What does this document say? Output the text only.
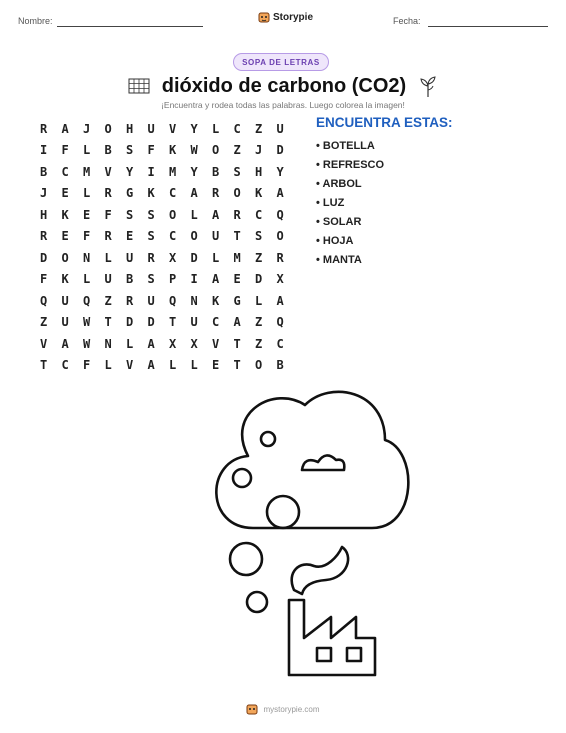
Nombre:	Storypie	Fecha:
SOPA DE LETRAS
dióxido de carbono (CO2)
¡Encuentra y rodea todas las palabras. Luego colorea la imagen!
R	A	J	O	H	U	V	Y	L	C	Z	U
I	F	L	B	S	F	K	W	O	Z	J	D
B	C	M	V	Y	I	M	Y	B	S	H	Y
J	E	L	R	G	K	C	A	R	O	K	A
H	K	E	F	S	S	O	L	A	R	C	Q
R	E	F	R	E	S	C	O	U	T	S	O
D	O	N	L	U	R	X	D	L	M	Z	R
F	K	L	U	B	S	P	I	A	E	D	X
Q	U	Q	Z	R	U	Q	N	K	G	L	A
Z	U	W	T	D	D	T	U	C	A	Z	Q
V	A	W	N	L	A	X	X	V	T	Z	C
T	C	F	L	V	A	L	L	E	T	O	B
ENCUENTRA ESTAS:
• BOTELLA
• REFRESCO
• ARBOL
• LUZ
• SOLAR
• HOJA
• MANTA
mystorypie.com
